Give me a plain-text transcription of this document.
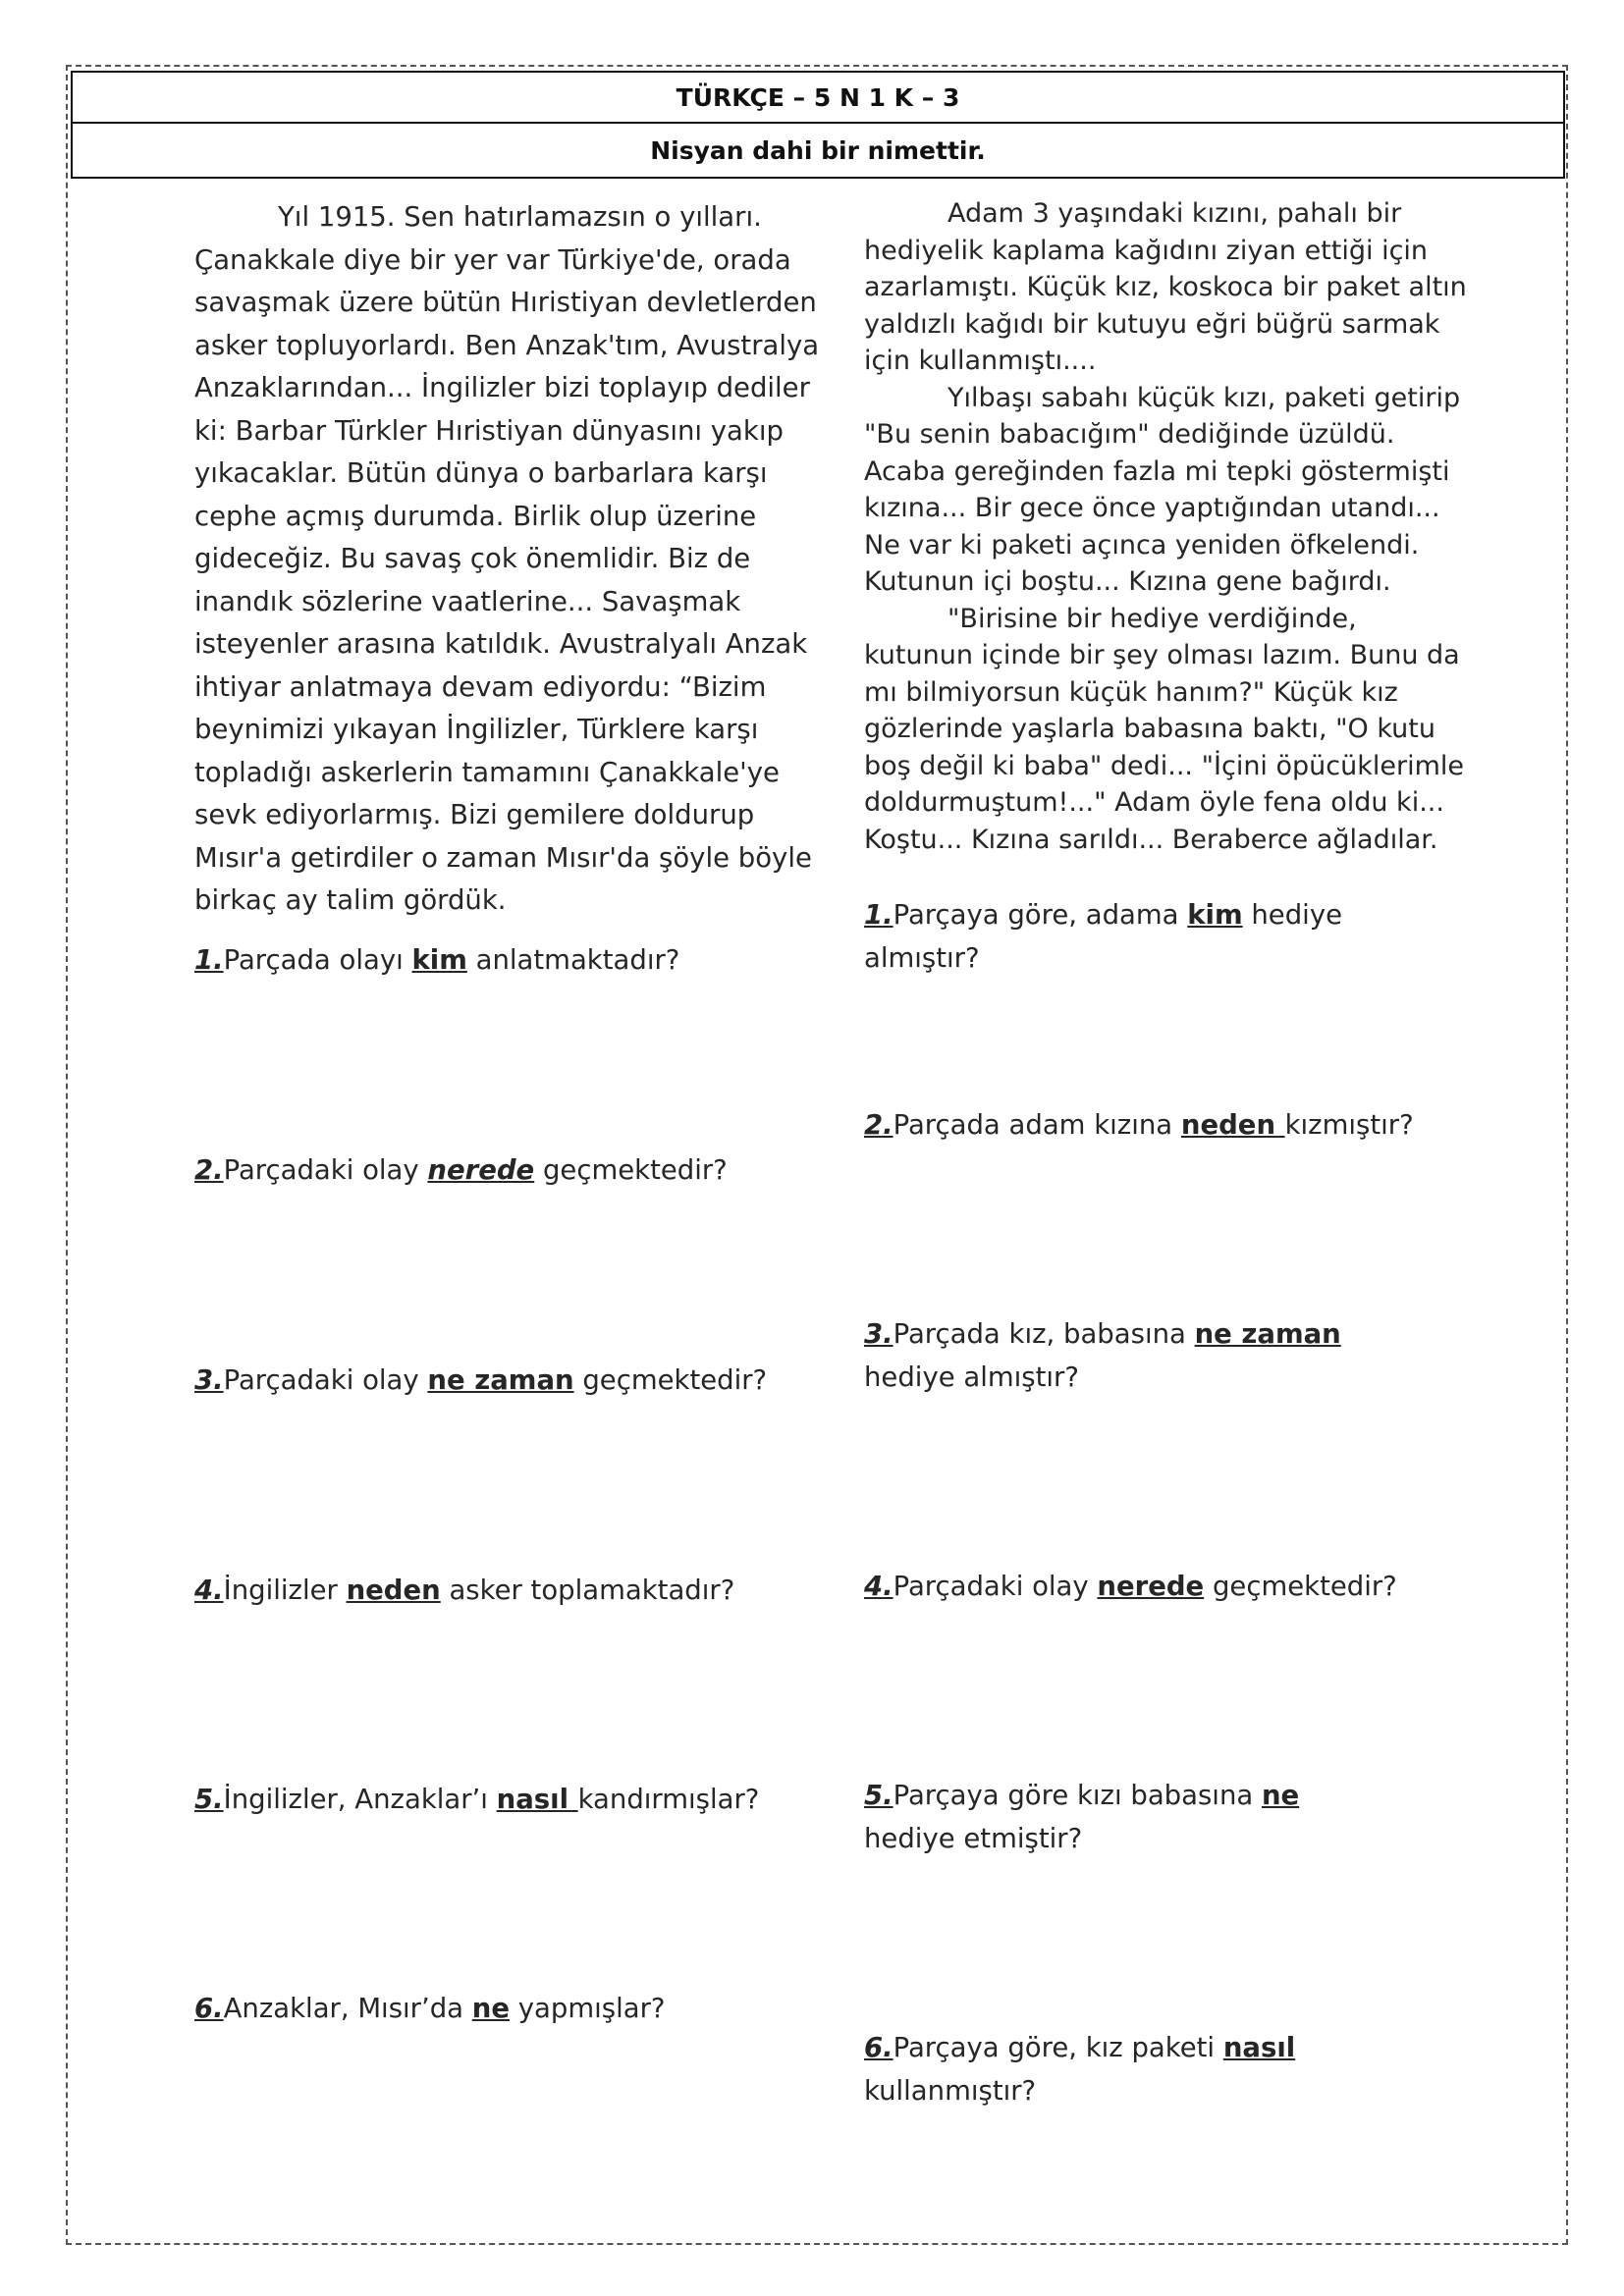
TÜRKÇE – 5 N 1 K – 3
Nisyan dahi bir nimettir.

Yıl 1915. Sen hatırlamazsın o yılları. Çanakkale diye bir yer var Türkiye'de, orada savaşmak üzere bütün Hıristiyan devletlerden asker topluyorlardı. Ben Anzak'tım, Avustralya Anzaklarından... İngilizler bizi toplayıp dediler ki: Barbar Türkler Hıristiyan dünyasını yakıp yıkacaklar. Bütün dünya o barbarlara karşı cephe açmış durumda. Birlik olup üzerine gideceğiz. Bu savaş çok önemlidir. Biz de inandık sözlerine vaatlerine... Savaşmak isteyenler arasına katıldık. Avustralyalı Anzak ihtiyar anlatmaya devam ediyordu: “Bizim beynimizi yıkayan İngilizler, Türklere karşı topladığı askerlerin tamamını Çanakkale'ye sevk ediyorlarmış. Bizi gemilere doldurup Mısır'a getirdiler o zaman Mısır'da şöyle böyle birkaç ay talim gördük.

Adam 3 yaşındaki kızını, pahalı bir hediyelik kaplama kağıdını ziyan ettiği için azarlamıştı. Küçük kız, koskoca bir paket altın yaldızlı kağıdı bir kutuyu eğri büğrü sarmak için kullanmıştı....

Yılbaşı sabahı küçük kızı, paketi getirip "Bu senin babacığım" dediğinde üzüldü. Acaba gereğinden fazla mi tepki göstermişti kızına... Bir gece önce yaptığından utandı... Ne var ki paketi açınca yeniden öfkelendi. Kutunun içi boştu... Kızına gene bağırdı.

"Birisine bir hediye verdiğinde, kutunun içinde bir şey olması lazım. Bunu da mı bilmiyorsun küçük hanım?" Küçük kız gözlerinde yaşlarla babasına baktı, "O kutu boş değil ki baba" dedi... "İçini öpücüklerimle doldurmuştum!..." Adam öyle fena oldu ki... Koştu... Kızına sarıldı... Beraberce ağladılar.

1.Parçada olayı kim anlatmaktadır?
2.Parçadaki olay nerede geçmektedir?
3.Parçadaki olay ne zaman geçmektedir?
4.İngilizler neden asker toplamaktadır?
5.İngilizler, Anzaklar’ı nasıl kandırmışlar?
6.Anzaklar, Mısır’da ne yapmışlar?
1.Parçaya göre, adama kim hediye almıştır?
2.Parçada adam kızına neden kızmıştır?
3.Parçada kız, babasına ne zaman hediye almıştır?
4.Parçadaki olay nerede geçmektedir?
5.Parçaya göre kızı babasına ne hediye etmiştir?
6.Parçaya göre, kız paketi nasıl kullanmıştır?
